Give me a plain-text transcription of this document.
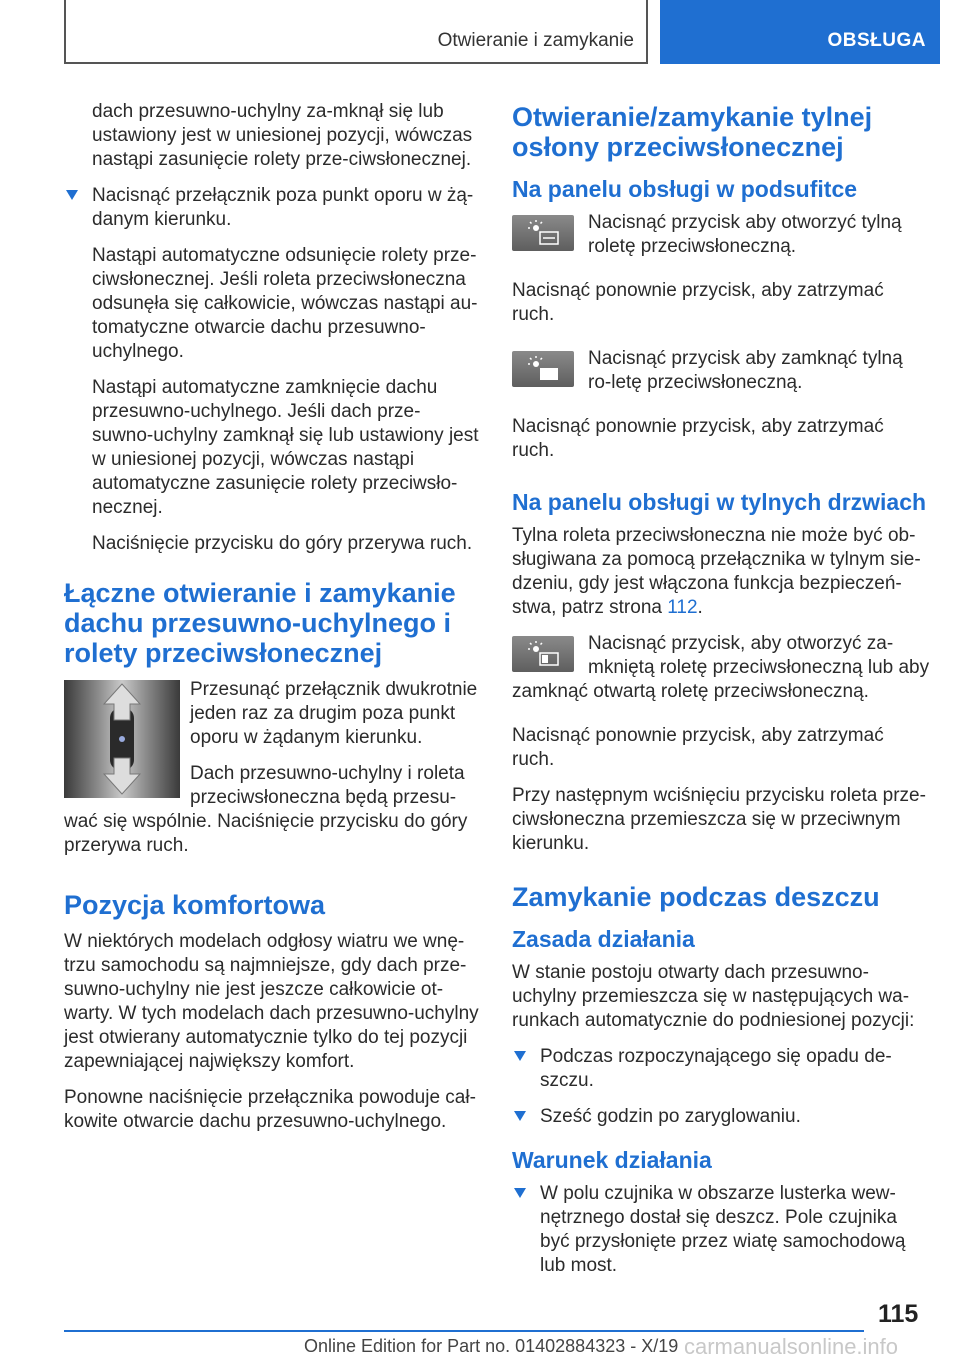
Otwieranie i zamykanie	OBSŁUGA

dach przesuwno-uchylny za-mknął się lub ustawiony jest w uniesionej pozycji, wówczas nastąpi zasunięcie rolety prze-ciwsłonecznej.

Nacisnąć przełącznik poza punkt oporu w żą-danym kierunku.

Nastąpi automatyczne odsunięcie rolety prze-ciwsłonecznej. Jeśli roleta przeciwsłoneczna odsunęła się całkowicie, wówczas nastąpi au-tomatyczne otwarcie dachu przesuwno-uchylnego.

Nastąpi automatyczne zamknięcie dachu przesuwno-uchylnego. Jeśli dach prze-suwno-uchylny zamknął się lub ustawiony jest w uniesionej pozycji, wówczas nastąpi automatyczne zasunięcie rolety przeciwsło-necznej.

Naciśnięcie przycisku do góry przerywa ruch.

Łączne otwieranie i zamykanie dachu przesuwno-uchylnego i rolety przeciwsłonecznej

Przesunąć przełącznik dwukrotnie jeden raz za drugim poza punkt oporu w żądanym kierunku.

Dach przesuwno-uchylny i roleta przeciwsłoneczna będą przesu-wać się wspólnie. Naciśnięcie przycisku do góry przerywa ruch.

Pozycja komfortowa

W niektórych modelach odgłosy wiatru we wnę-trzu samochodu są najmniejsze, gdy dach prze-suwno-uchylny nie jest jeszcze całkowicie ot-warty. W tych modelach dach przesuwno-uchylny jest otwierany automatycznie tylko do tej pozycji zapewniającej największy komfort.

Ponowne naciśnięcie przełącznika powoduje cał-kowite otwarcie dachu przesuwno-uchylnego.

Otwieranie/zamykanie tylnej osłony przeciwsłonecznej
Na panelu obsługi w podsufitce

Nacisnąć przycisk aby otworzyć tylną roletę przeciwsłoneczną.

Nacisnąć ponownie przycisk, aby zatrzymać ruch.

Nacisnąć przycisk aby zamknąć tylną ro-letę przeciwsłoneczną.

Nacisnąć ponownie przycisk, aby zatrzymać ruch.

Na panelu obsługi w tylnych drzwiach

Tylna roleta przeciwsłoneczna nie może być ob-sługiwana za pomocą przełącznika w tylnym sie-dzeniu, gdy jest włączona funkcja bezpieczeń-stwa, patrz strona 112.

Nacisnąć przycisk, aby otworzyć za-mkniętą roletę przeciwsłoneczną lub aby zamknąć otwartą roletę przeciwsłoneczną.

Nacisnąć ponownie przycisk, aby zatrzymać ruch.

Przy następnym wciśnięciu przycisku roleta prze-ciwsłoneczna przemieszcza się w przeciwnym kierunku.

Zamykanie podczas deszczu
Zasada działania

W stanie postoju otwarty dach przesuwno-uchylny przemieszcza się w następujących wa-runkach automatycznie do podniesionej pozycji:

Podczas rozpoczynającego się opadu de-szczu.

Sześć godzin po zaryglowaniu.

Warunek działania

W polu czujnika w obszarze lusterka wew-nętrznego dostał się deszcz. Pole czujnika być przysłonięte przez wiatę samochodową lub most.

115
Online Edition for Part no. 01402884323 - X/19 carmanualsonline.info
